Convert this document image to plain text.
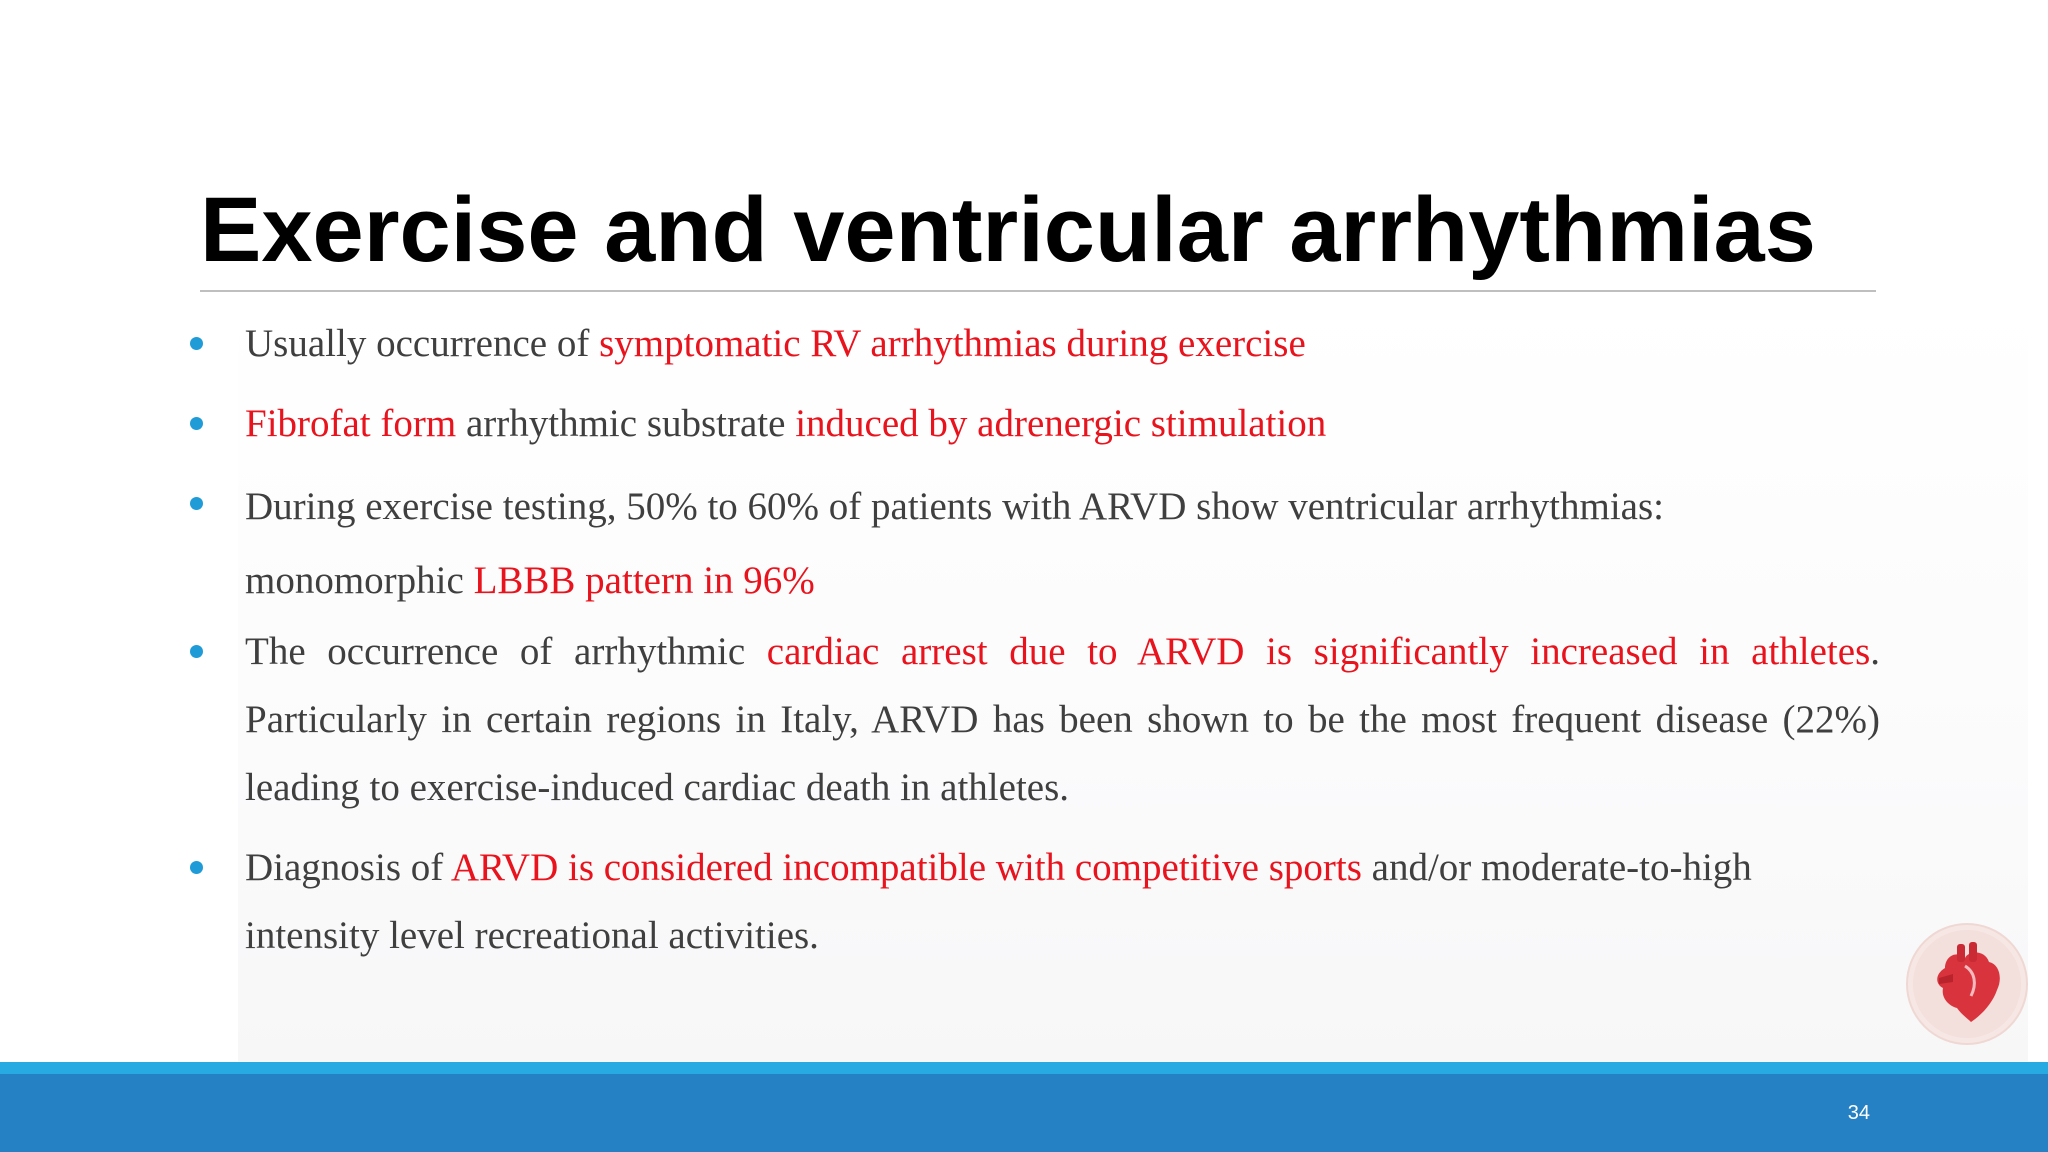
Exercise and ventricular arrhythmias
Usually occurrence of symptomatic RV arrhythmias during exercise
Fibrofat form arrhythmic substrate induced by adrenergic stimulation
During exercise testing, 50% to 60% of patients with ARVD show ventricular arrhythmias: monomorphic LBBB pattern in 96%
The occurrence of arrhythmic cardiac arrest due to ARVD is significantly increased in athletes. Particularly in certain regions in Italy, ARVD has been shown to be the most frequent disease (22%) leading to exercise-induced cardiac death in athletes.
Diagnosis of ARVD is considered incompatible with competitive sports and/or moderate-to-high intensity level recreational activities.
34
